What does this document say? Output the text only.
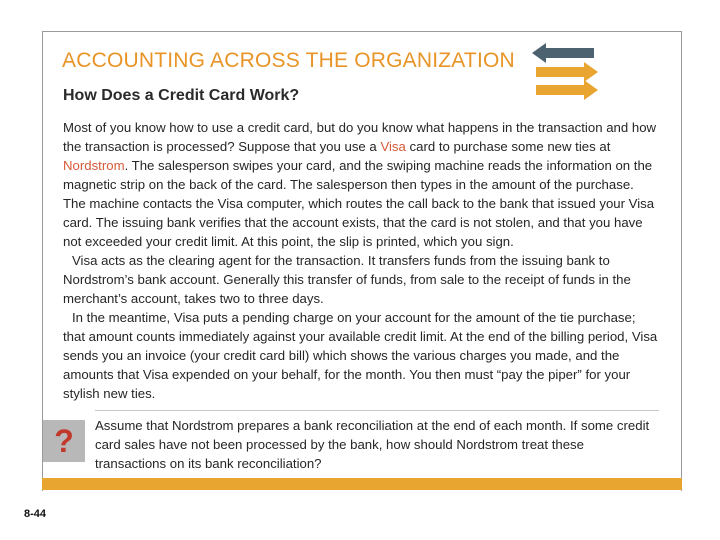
ACCOUNTING ACROSS THE ORGANIZATION
How Does a Credit Card Work?

Most of you know how to use a credit card, but do you know what happens in the transaction and how the transaction is processed? Suppose that you use a Visa card to purchase some new ties at Nordstrom. The salesperson swipes your card, and the swiping machine reads the information on the magnetic strip on the back of the card. The salesperson then types in the amount of the purchase. The machine contacts the Visa computer, which routes the call back to the bank that issued your Visa card. The issuing bank verifies that the account exists, that the card is not stolen, and that you have not exceeded your credit limit. At this point, the slip is printed, which you sign.

Visa acts as the clearing agent for the transaction. It transfers funds from the issuing bank to Nordstrom’s bank account. Generally this transfer of funds, from sale to the receipt of funds in the merchant’s account, takes two to three days.

In the meantime, Visa puts a pending charge on your account for the amount of the tie purchase; that amount counts immediately against your available credit limit. At the end of the billing period, Visa sends you an invoice (your credit card bill) which shows the various charges you made, and the amounts that Visa expended on your behalf, for the month. You then must “pay the piper” for your stylish new ties.

? Assume that Nordstrom prepares a bank reconciliation at the end of each month. If some credit card sales have not been processed by the bank, how should Nordstrom treat these transactions on its bank reconciliation?

8-44
